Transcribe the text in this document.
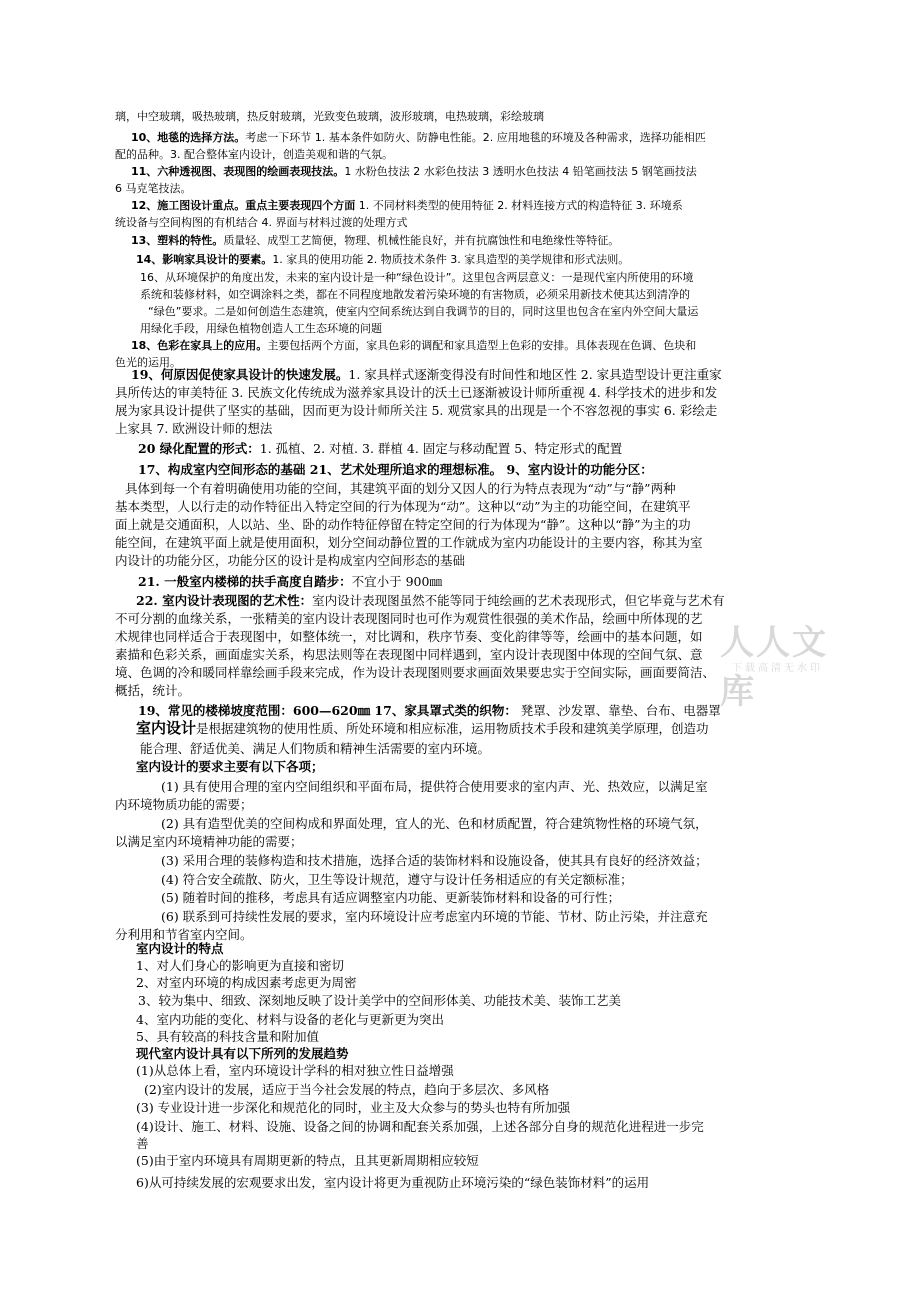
人人文库
下载高清无水印
璃，中空玻璃，吸热玻璃，热反射玻璃，光致变色玻璃，波形玻璃，电热玻璃，彩绘玻璃
10、地毯的选择方法。考虑一下环节 1. 基本条件如防火、防静电性能。2. 应用地毯的环境及各种需求，选择功能相匹
配的品种。3. 配合整体室内设计，创造美观和谐的气氛。
11、六种透视图、表现图的绘画表现技法。1 水粉色技法 2 水彩色技法 3 透明水色技法 4 铅笔画技法 5 钢笔画技法
6 马克笔技法。
12、施工图设计重点。重点主要表现四个方面 1. 不同材料类型的使用特征 2. 材料连接方式的构造特征 3. 环境系
统设备与空间构图的有机结合 4. 界面与材料过渡的处理方式
13、塑料的特性。质量轻、成型工艺简便，物理、机械性能良好，并有抗腐蚀性和电绝缘性等特征。
14、影响家具设计的要素。1. 家具的使用功能 2. 物质技术条件 3. 家具造型的美学规律和形式法则。
16、从环境保护的角度出发，未来的室内设计是一种“绿色设计”。这里包含两层意义：一是现代室内所使用的环境
系统和装修材料，如空调涂料之类，都在不同程度地散发着污染环境的有害物质，必须采用新技术使其达到清净的
“绿色”要求。二是如何创造生态建筑，使室内空间系统达到自我调节的目的，同时这里也包含在室内外空间大量运
用绿化手段，用绿色植物创造人工生态环境的问题
18、色彩在家具上的应用。主要包括两个方面，家具色彩的调配和家具造型上色彩的安排。具体表现在色调、色块和
色光的运用。
19、何原因促使家具设计的快速发展。1. 家具样式逐渐变得没有时间性和地区性 2. 家具造型设计更注重家
具所传达的审美特征 3. 民族文化传统成为滋养家具设计的沃土已逐渐被设计师所重视 4. 科学技术的进步和发
展为家具设计提供了坚实的基础，因而更为设计师所关注 5. 观赏家具的出现是一个不容忽视的事实 6. 彩绘走
上家具 7. 欧洲设计师的想法
20 绿化配置的形式：1. 孤植、2. 对植. 3. 群植 4. 固定与移动配置 5、特定形式的配置
17、构成室内空间形态的基础 21、艺术处理所追求的理想标准。 9、室内设计的功能分区：
具体到每一个有着明确使用功能的空间，其建筑平面的划分又因人的行为特点表现为“动”与“静”两种
基本类型，人以行走的动作特征出入特定空间的行为体现为“动”。这种以“动”为主的功能空间，在建筑平
面上就是交通面积，人以站、坐、卧的动作特征停留在特定空间的行为体现为“静”。这种以“静”为主的功
能空间，在建筑平面上就是使用面积，划分空间动静位置的工作就成为室内功能设计的主要内容，称其为室
内设计的功能分区，功能分区的设计是构成室内空间形态的基础
21. 一般室内楼梯的扶手高度自踏步：不宜小于 900㎜
22. 室内设计表现图的艺术性：室内设计表现图虽然不能等同于纯绘画的艺术表现形式，但它毕竟与艺术有
不可分割的血缘关系，一张精美的室内设计表现图同时也可作为观赏性很强的美术作品，绘画中所体现的艺
术规律也同样适合于表现图中，如整体统一，对比调和，秩序节奏、变化韵律等等，绘画中的基本问题，如
素描和色彩关系，画面虚实关系，构思法则等在表现图中同样遇到，室内设计表现图中体现的空间气氛、意
境、色调的冷和暖同样靠绘画手段来完成，作为设计表现图则要求画面效果要忠实于空间实际，画面要简洁、
概括，统计。
19、常见的楼梯坡度范围：600—620㎜ 17、家具罩式类的织物： 凳罩、沙发罩、靠垫、台布、电器罩
室内设计是根据建筑物的使用性质、所处环境和相应标准，运用物质技术手段和建筑美学原理，创造功
能合理、舒适优美、满足人们物质和精神生活需要的室内环境。
室内设计的要求主要有以下各项；
(1) 具有使用合理的室内空间组织和平面布局，提供符合使用要求的室内声、光、热效应，以满足室
内环境物质功能的需要；
(2) 具有造型优美的空间构成和界面处理，宜人的光、色和材质配置，符合建筑物性格的环境气氛，
以满足室内环境精神功能的需要；
(3) 采用合理的装修构造和技术措施，选择合适的装饰材料和设施设备，使其具有良好的经济效益；
(4) 符合安全疏散、防火，卫生等设计规范，遵守与设计任务相适应的有关定额标准；
(5) 随着时间的推移，考虑具有适应调整室内功能、更新装饰材料和设备的可行性；
(6) 联系到可持续性发展的要求，室内环境设计应考虑室内环境的节能、节材、防止污染，并注意充
分利用和节省室内空间。
室内设计的特点
1、对人们身心的影响更为直接和密切
2、对室内环境的构成因素考虑更为周密
3、较为集中、细致、深刻地反映了设计美学中的空间形体美、功能技术美、装饰工艺美
4、室内功能的变化、材料与设备的老化与更新更为突出
5、具有较高的科技含量和附加值
现代室内设计具有以下所列的发展趋势
(1)从总体上看，室内环境设计学科的相对独立性日益增强
(2)室内设计的发展，适应于当今社会发展的特点，趋向于多层次、多风格
(3) 专业设计进一步深化和规范化的同时，业主及大众参与的势头也特有所加强
(4)设计、施工、材料、设施、设备之间的协调和配套关系加强，上述各部分自身的规范化进程进一步完
善
(5)由于室内环境具有周期更新的特点，且其更新周期相应较短
6)从可持续发展的宏观要求出发，室内设计将更为重视防止环境污染的“绿色装饰材料”的运用
